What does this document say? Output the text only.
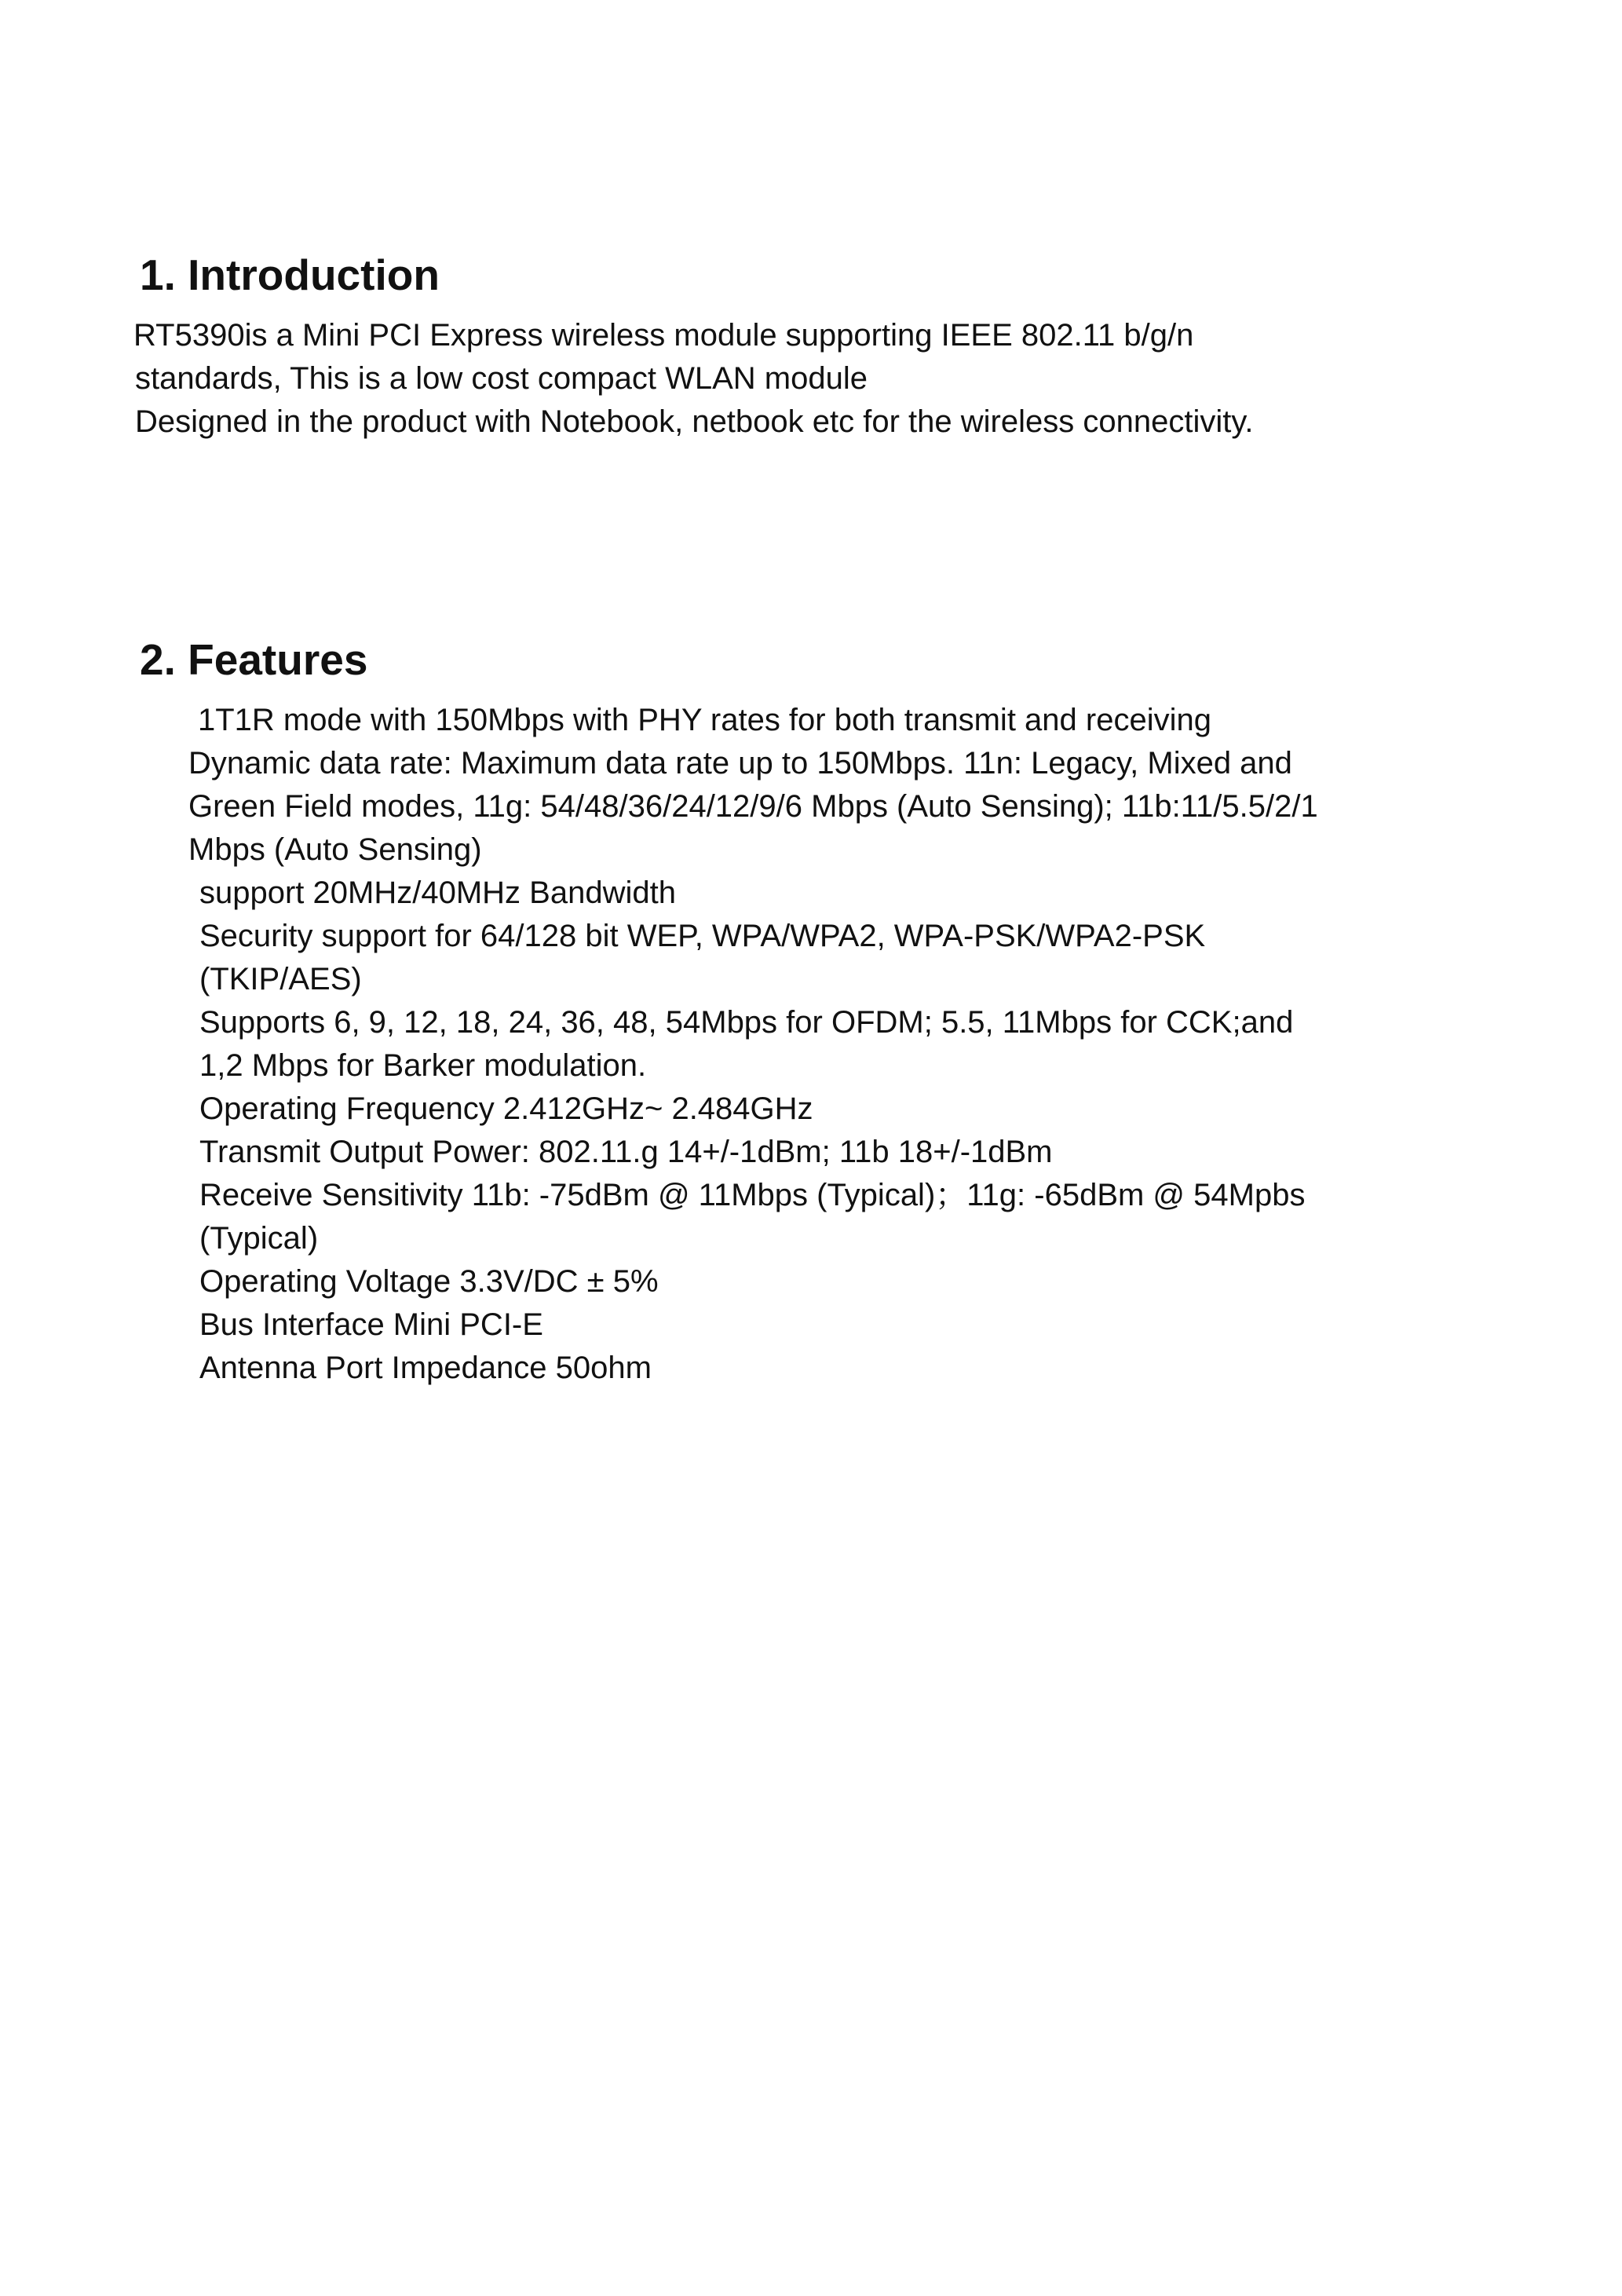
1. Introduction
RT5390is a Mini PCI Express wireless module supporting IEEE 802.11 b/g/n
standards, This is a low cost compact WLAN module
Designed in the product with Notebook, netbook etc for the wireless connectivity.
2. Features
1T1R mode with 150Mbps with PHY rates for both transmit and receiving
Dynamic data rate: Maximum data rate up to 150Mbps. 11n: Legacy, Mixed and
Green Field modes, 11g: 54/48/36/24/12/9/6 Mbps (Auto Sensing); 11b:11/5.5/2/1
Mbps (Auto Sensing)
support 20MHz/40MHz Bandwidth
Security support for 64/128 bit WEP, WPA/WPA2, WPA-PSK/WPA2-PSK
(TKIP/AES)
Supports 6, 9, 12, 18, 24, 36, 48, 54Mbps for OFDM; 5.5, 11Mbps for CCK;and
1,2 Mbps for Barker modulation.
Operating Frequency 2.412GHz~ 2.484GHz
Transmit Output Power: 802.11.g 14+/-1dBm; 11b 18+/-1dBm
Receive Sensitivity 11b: -75dBm @ 11Mbps (Typical)；11g: -65dBm @ 54Mpbs
(Typical)
Operating Voltage 3.3V/DC ± 5%
Bus Interface Mini PCI-E
Antenna Port Impedance 50ohm
